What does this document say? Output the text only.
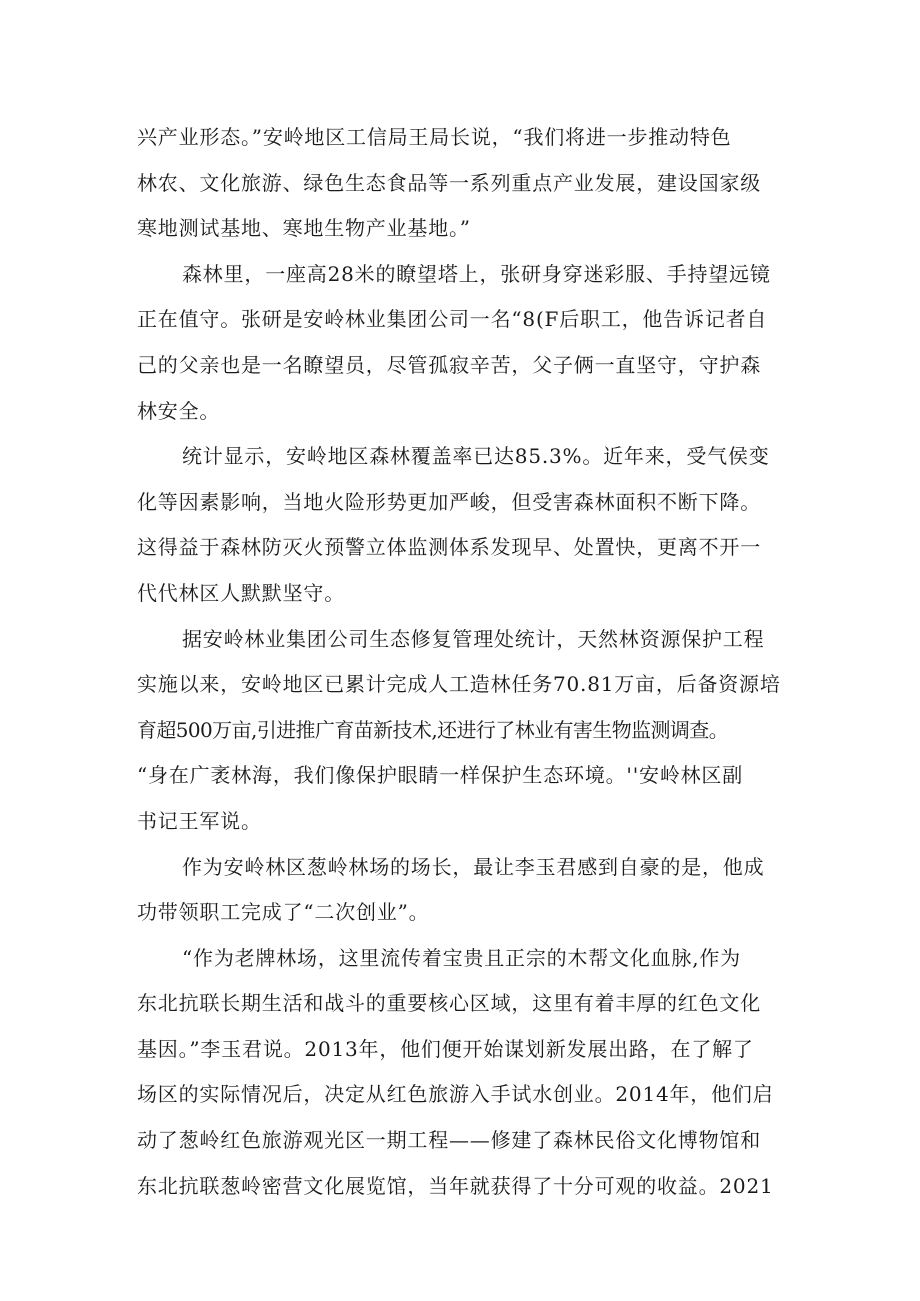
兴产业形态。”安岭地区工信局王局长说，“我们将进一步推动特色
林农、文化旅游、绿色生态食品等一系列重点产业发展，建设国家级
寒地测试基地、寒地生物产业基地。”
森林里，一座高28米的瞭望塔上，张研身穿迷彩服、手持望远镜
正在值守。张研是安岭林业集团公司一名“8(F后职工，他告诉记者自
己的父亲也是一名瞭望员，尽管孤寂辛苦，父子俩一直坚守，守护森
林安全。
统计显示，安岭地区森林覆盖率已达85.3%。近年来，受气侯变
化等因素影响，当地火险形势更加严峻，但受害森林面积不断下降。
这得益于森林防灭火预警立体监测体系发现早、处置快，更离不开一
代代林区人默默坚守。
据安岭林业集团公司生态修复管理处统计，天然林资源保护工程
实施以来，安岭地区已累计完成人工造林任务70.81万亩，后备资源培
育超500万亩,引进推广育苗新技术,还进行了林业有害生物监测调查。
“身在广袤林海，我们像保护眼睛一样保护生态环境。''安岭林区副
书记王军说。
作为安岭林区葱岭林场的场长，最让李玉君感到自豪的是，他成
功带领职工完成了“二次创业”。
“作为老牌林场，这里流传着宝贵且正宗的木帮文化血脉,作为
东北抗联长期生活和战斗的重要核心区域，这里有着丰厚的红色文化
基因。”李玉君说。2013年，他们便开始谋划新发展出路，在了解了
场区的实际情况后，决定从红色旅游入手试水创业。2014年，他们启
动了葱岭红色旅游观光区一期工程——修建了森林民俗文化博物馆和
东北抗联葱岭密营文化展览馆，当年就获得了十分可观的收益。2021
